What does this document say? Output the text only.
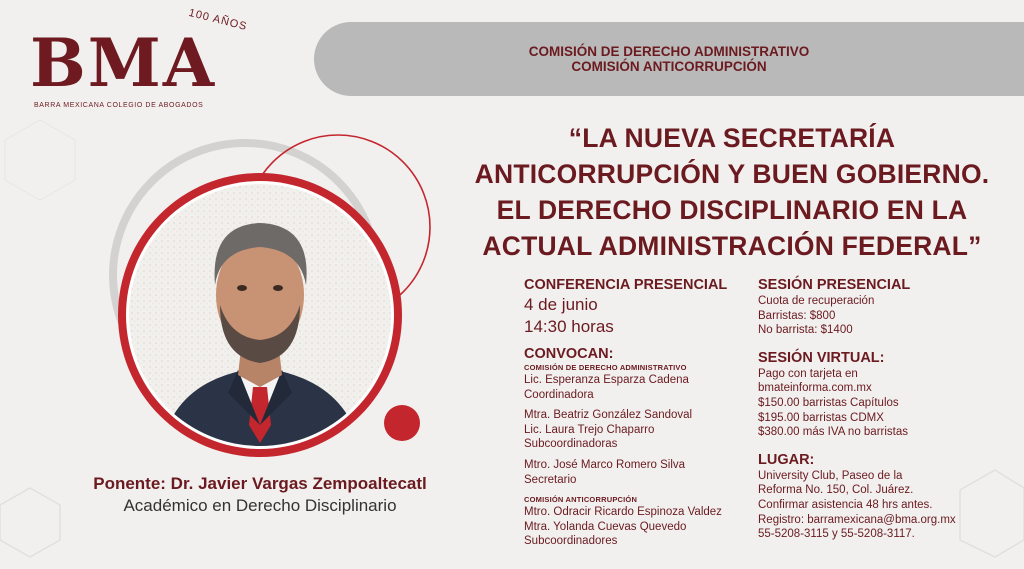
BMA
100 AÑOS
BARRA MEXICANA COLEGIO DE ABOGADOS
COMISIÓN DE DERECHO ADMINISTRATIVO
COMISIÓN ANTICORRUPCIÓN
“LA NUEVA SECRETARÍA
ANTICORRUPCIÓN Y BUEN GOBIERNO.
EL DERECHO DISCIPLINARIO EN LA
ACTUAL ADMINISTRACIÓN FEDERAL”
Ponente: Dr. Javier Vargas Zempoaltecatl
Académico en Derecho Disciplinario
CONFERENCIA PRESENCIAL
4 de junio
14:30 horas
CONVOCAN:
COMISIÓN DE DERECHO ADMINISTRATIVO
Lic. Esperanza Esparza Cadena
Coordinadora
Mtra. Beatriz González Sandoval
Lic. Laura Trejo Chaparro
Subcoordinadoras
Mtro. José Marco Romero Silva
Secretario
COMISIÓN ANTICORRUPCIÓN
Mtro. Odracir Ricardo Espinoza Valdez
Mtra. Yolanda Cuevas Quevedo
Subcoordinadores
SESIÓN PRESENCIAL
Cuota de recuperación
Barristas: $800
No barrista: $1400
SESIÓN VIRTUAL:
Pago con tarjeta en
bmateinforma.com.mx
$150.00 barristas Capítulos
$195.00 barristas CDMX
$380.00 más IVA no barristas
LUGAR:
University Club, Paseo de la
Reforma No. 150, Col. Juárez.
Confirmar asistencia 48 hrs antes.
Registro: barramexicana@bma.org.mx
55-5208-3115 y 55-5208-3117.
